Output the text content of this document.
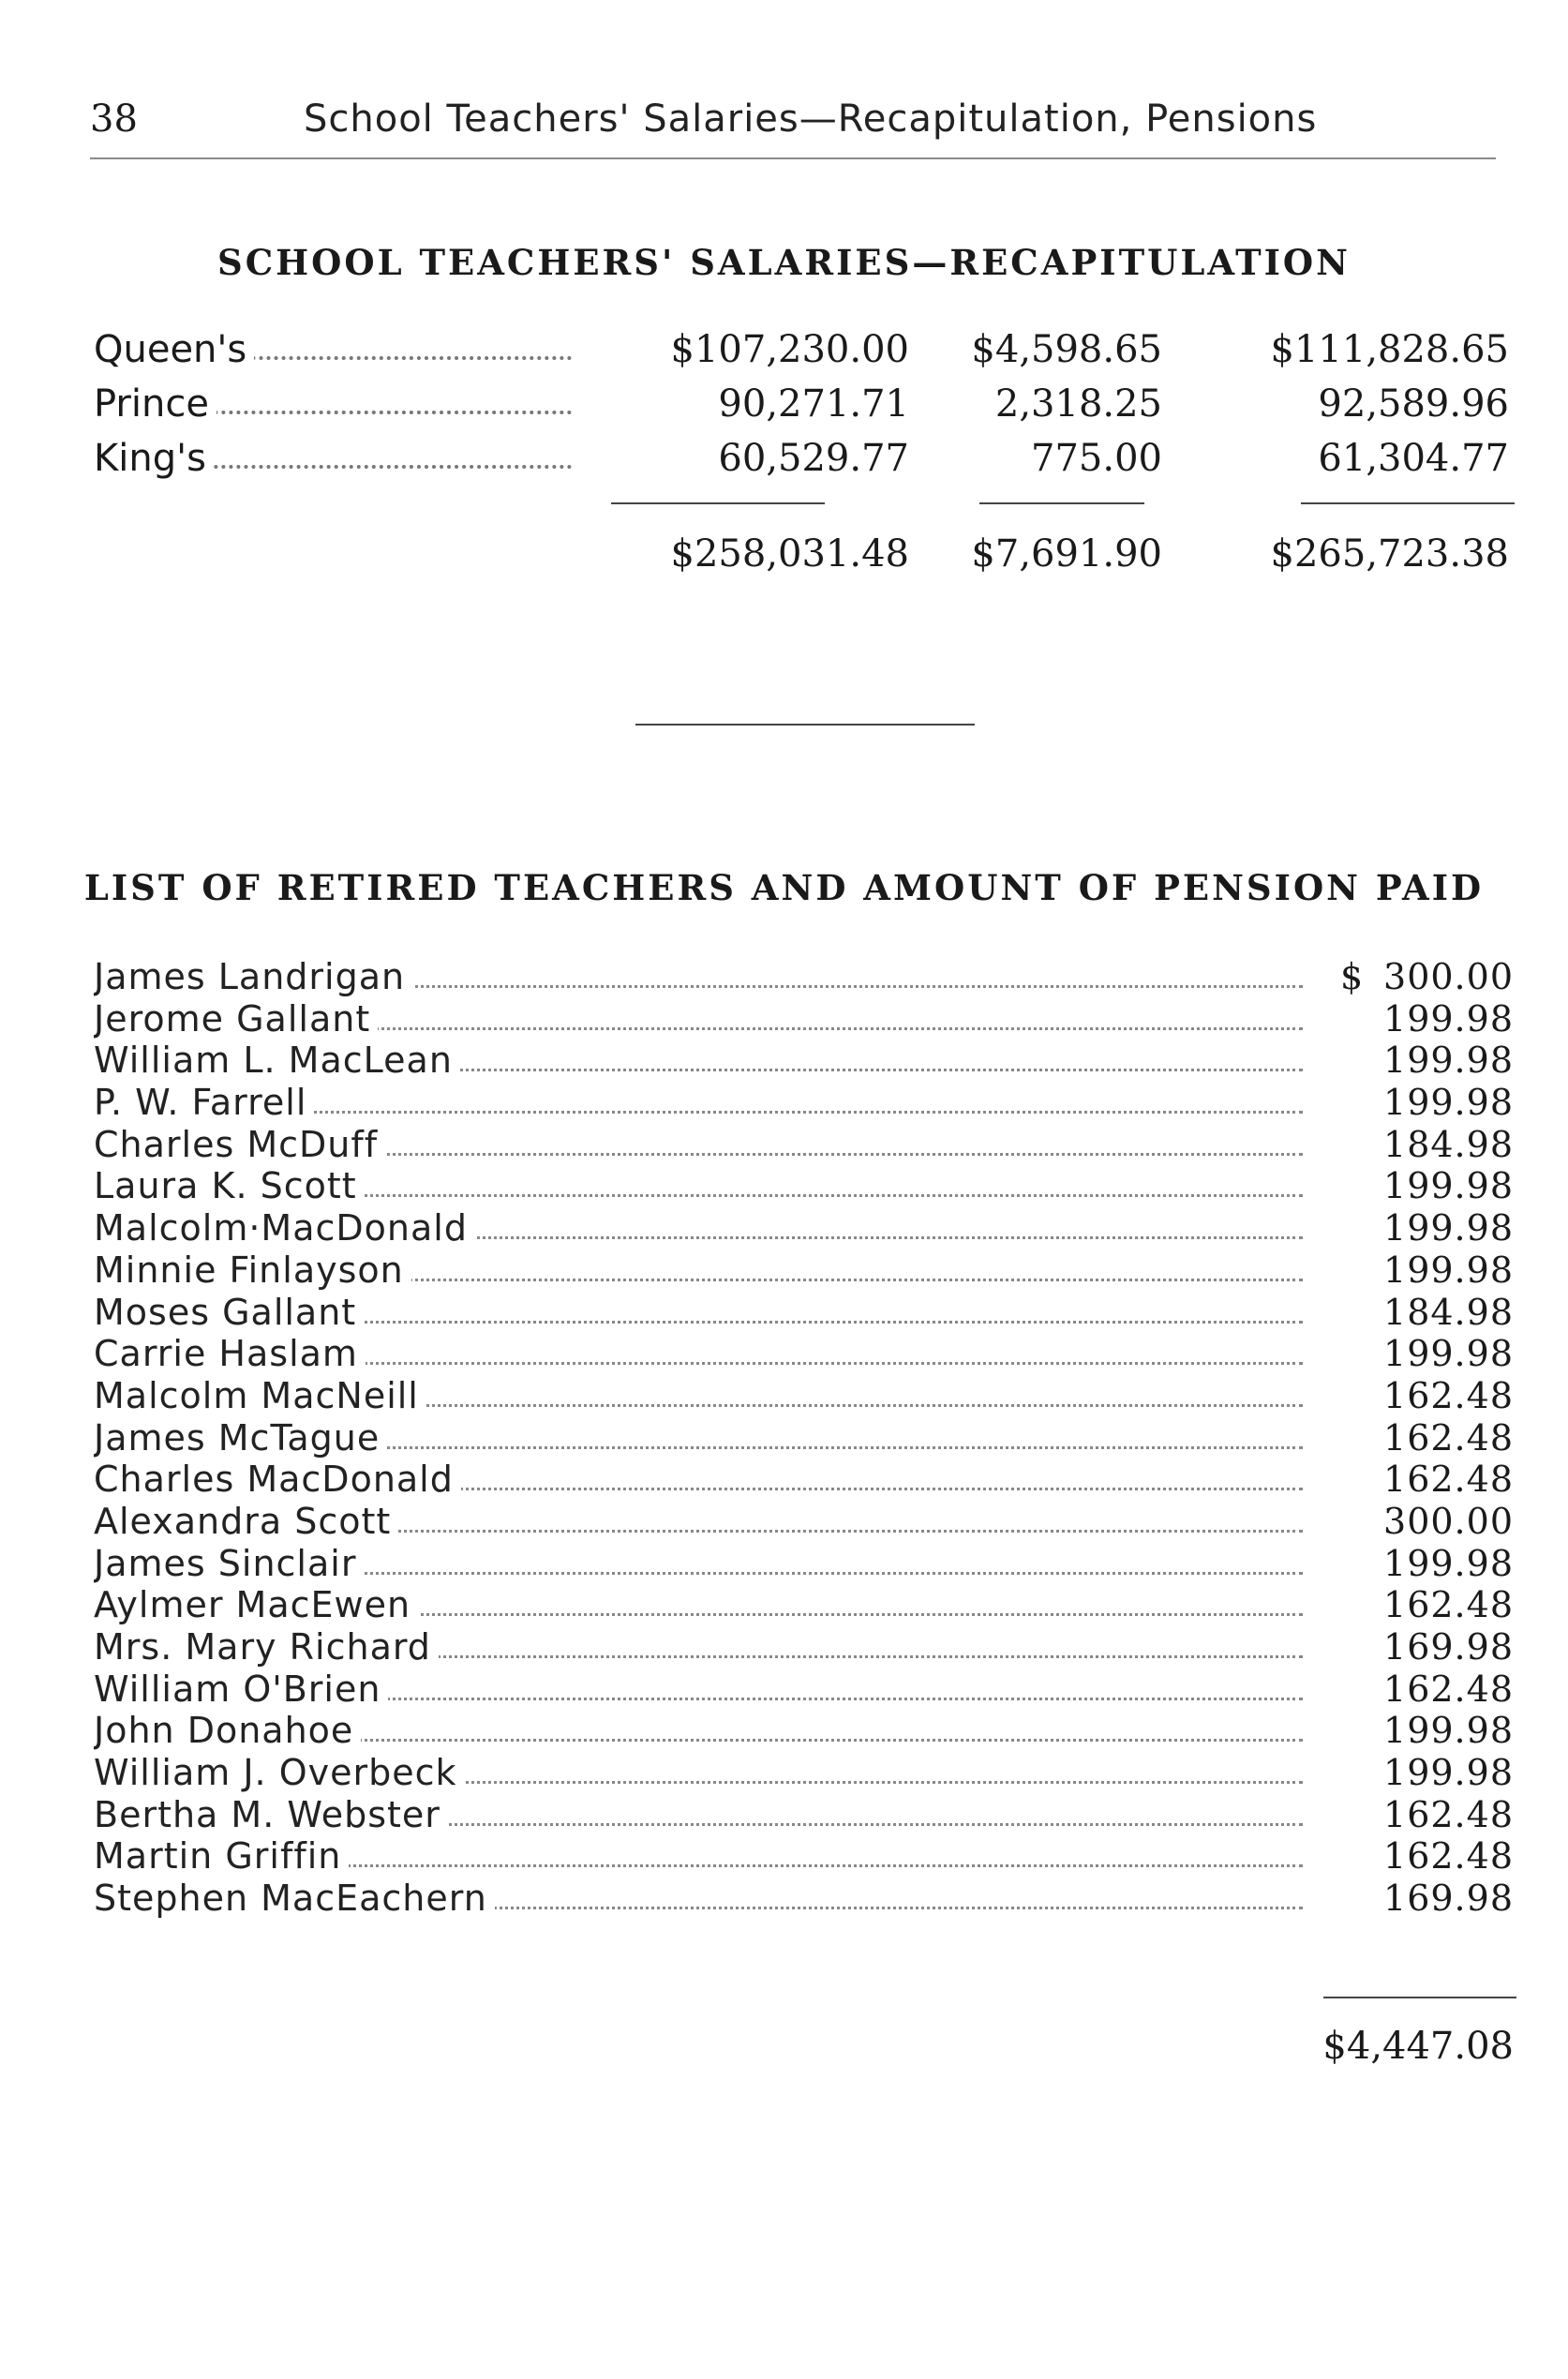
38	School Teachers' Salaries—Recapitulation, Pensions
SCHOOL TEACHERS' SALARIES—RECAPITULATION
Queen's	$107,230.00	$4,598.65	$111,828.65
Prince	90,271.71	2,318.25	92,589.96
King's	60,529.77	775.00	61,304.77
$258,031.48	$7,691.90	$265,723.38
LIST OF RETIRED TEACHERS AND AMOUNT OF PENSION PAID
James Landrigan	$ 300.00
Jerome Gallant	199.98
William L. MacLean	199.98
P. W. Farrell	199.98
Charles McDuff	184.98
Laura K. Scott	199.98
Malcolm·MacDonald	199.98
Minnie Finlayson	199.98
Moses Gallant	184.98
Carrie Haslam	199.98
Malcolm MacNeill	162.48
James McTague	162.48
Charles MacDonald	162.48
Alexandra Scott	300.00
James Sinclair	199.98
Aylmer MacEwen	162.48
Mrs. Mary Richard	169.98
William O'Brien	162.48
John Donahoe	199.98
William J. Overbeck	199.98
Bertha M. Webster	162.48
Martin Griffin	162.48
Stephen MacEachern	169.98
$4,447.08
